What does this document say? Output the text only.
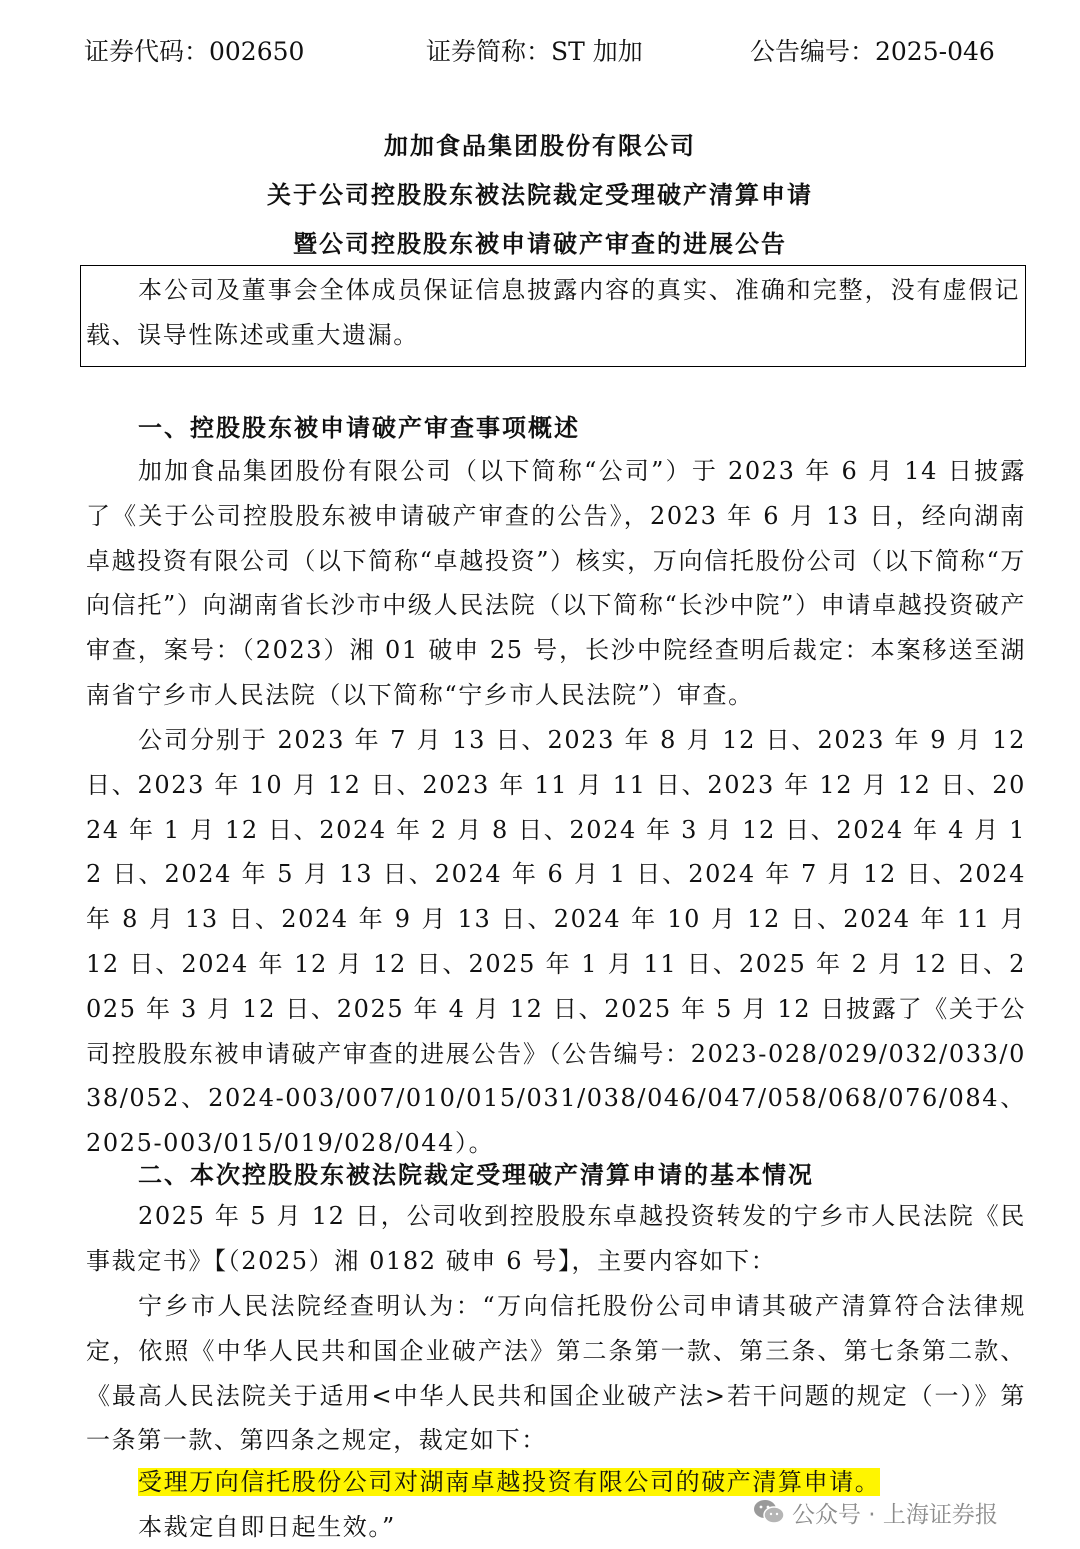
证券代码：002650	证券简称：ST 加加	公告编号：2025-046
加加食品集团股份有限公司
关于公司控股股东被法院裁定受理破产清算申请
暨公司控股股东被申请破产审查的进展公告
本公司及董事会全体成员保证信息披露内容的真实、准确和完整，没有虚假记载、误导性陈述或重大遗漏。
一、控股股东被申请破产审查事项概述
加加食品集团股份有限公司（以下简称“公司”）于 2023 年 6 月 14 日披露了《关于公司控股股东被申请破产审查的公告》，2023 年 6 月 13 日，经向湖南卓越投资有限公司（以下简称“卓越投资”）核实，万向信托股份公司（以下简称“万向信托”）向湖南省长沙市中级人民法院（以下简称“长沙中院”）申请卓越投资破产审查，案号：（2023）湘 01 破申 25 号，长沙中院经查明后裁定：本案移送至湖南省宁乡市人民法院（以下简称“宁乡市人民法院”）审查。
公司分别于 2023 年 7 月 13 日、2023 年 8 月 12 日、2023 年 9 月 12 日、2023 年 10 月 12 日、2023 年 11 月 11 日、2023 年 12 月 12 日、2024 年 1 月 12 日、2024 年 2 月 8 日、2024 年 3 月 12 日、2024 年 4 月 12 日、2024 年 5 月 13 日、2024 年 6 月 1 日、2024 年 7 月 12 日、2024 年 8 月 13 日、2024 年 9 月 13 日、2024 年 10 月 12 日、2024 年 11 月 12 日、2024 年 12 月 12 日、2025 年 1 月 11 日、2025 年 2 月 12 日、2025 年 3 月 12 日、2025 年 4 月 12 日、2025 年 5 月 12 日披露了《关于公司控股股东被申请破产审查的进展公告》（公告编号：2023-028/029/032/033/038/052、2024-003/007/010/015/031/038/046/047/058/068/076/084、2025-003/015/019/028/044）。
二、本次控股股东被法院裁定受理破产清算申请的基本情况
2025 年 5 月 12 日，公司收到控股股东卓越投资转发的宁乡市人民法院《民事裁定书》【（2025）湘 0182 破申 6 号】，主要内容如下：
宁乡市人民法院经查明认为：“万向信托股份公司申请其破产清算符合法律规定，依照《中华人民共和国企业破产法》第二条第一款、第三条、第七条第二款、《最高人民法院关于适用<中华人民共和国企业破产法>若干问题的规定（一）》第一条第一款、第四条之规定，裁定如下：
受理万向信托股份公司对湖南卓越投资有限公司的破产清算申请。
本裁定自即日起生效。”	公众号 · 上海证券报
